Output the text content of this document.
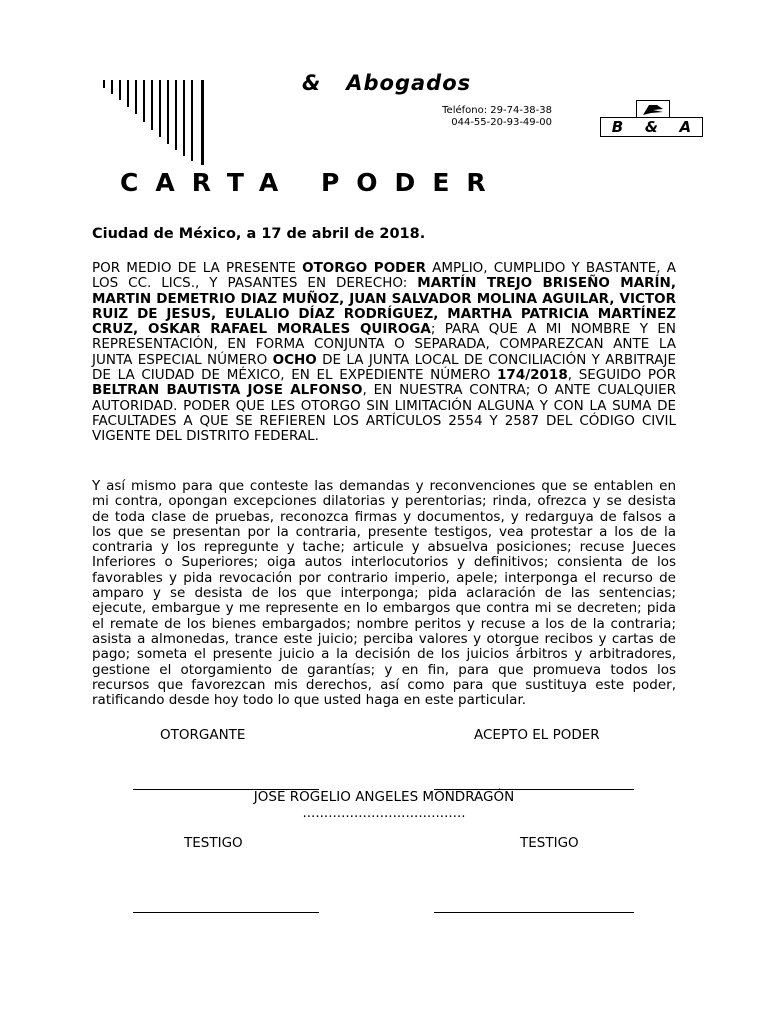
&   Abogados
Teléfono: 29-74-38-38
044-55-20-93-49-00	B & A
CARTA PODER
Ciudad de México, a 17 de abril de 2018.
POR MEDIO DE LA PRESENTE OTORGO PODER AMPLIO, CUMPLIDO Y BASTANTE, A LOS CC. LICS., Y PASANTES EN DERECHO: MARTÍN TREJO BRISEÑO MARÍN, MARTIN DEMETRIO DIAZ MUÑOZ, JUAN SALVADOR MOLINA AGUILAR, VICTOR RUIZ DE JESUS, EULALIO DÍAZ RODRÍGUEZ, MARTHA PATRICIA MARTÍNEZ CRUZ, OSKAR RAFAEL MORALES QUIROGA; PARA QUE A MI NOMBRE Y EN REPRESENTACIÓN, EN FORMA CONJUNTA O SEPARADA, COMPAREZCAN ANTE LA JUNTA ESPECIAL NÚMERO OCHO DE LA JUNTA LOCAL DE CONCILIACIÓN Y ARBITRAJE DE LA CIUDAD DE MÉXICO, EN EL EXPEDIENTE NÚMERO 174/2018, SEGUIDO POR BELTRAN BAUTISTA JOSE ALFONSO, EN NUESTRA CONTRA; O ANTE CUALQUIER AUTORIDAD. PODER QUE LES OTORGO SIN LIMITACIÓN ALGUNA Y CON LA SUMA DE FACULTADES A QUE SE REFIEREN LOS ARTÍCULOS 2554 Y 2587 DEL CÓDIGO CIVIL VIGENTE DEL DISTRITO FEDERAL.
Y así mismo para que conteste las demandas y reconvenciones que se entablen en mi contra, opongan excepciones dilatorias y perentorias; rinda, ofrezca y se desista de toda clase de pruebas, reconozca firmas y documentos, y redarguya de falsos a los que se presentan por la contraria, presente testigos, vea protestar a los de la contraria y los repregunte y tache; articule y absuelva posiciones; recuse Jueces Inferiores o Superiores; oiga autos interlocutorios y definitivos; consienta de los favorables y pida revocación por contrario imperio, apele; interponga el recurso de amparo y se desista de los que interponga; pida aclaración de las sentencias; ejecute, embargue y me represente en lo embargos que contra mi se decreten; pida el remate de los bienes embargados; nombre peritos y recuse a los de la contraria; asista a almonedas, trance este juicio; perciba valores y otorgue recibos y cartas de pago; someta el presente juicio a la decisión de los juicios árbitros y arbitradores, gestione el otorgamiento de garantías; y en fin, para que promueva todos los recursos que favorezcan mis derechos, así como para que sustituya este poder, ratificando desde hoy todo lo que usted haga en este particular.
OTORGANTE	ACEPTO EL PODER
JOSE ROGELIO ANGELES MONDRAGÓN
......................................
TESTIGO	TESTIGO
